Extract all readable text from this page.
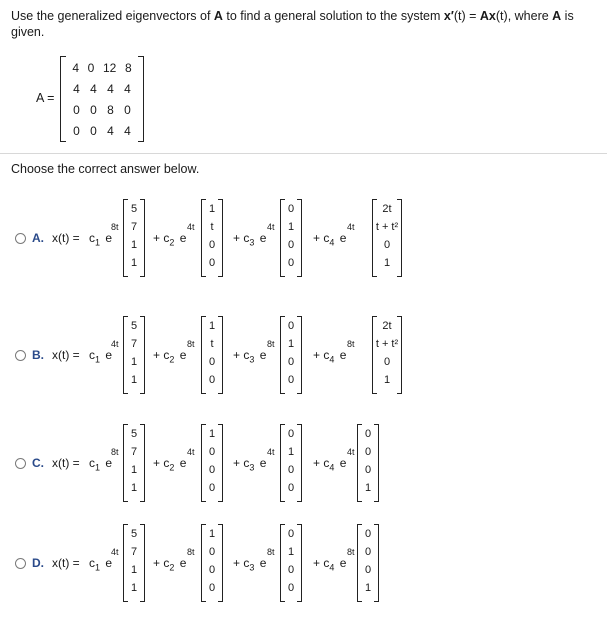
Use the generalized eigenvectors of A to find a general solution to the system x′(t) = Ax(t), where A is
given.
A =
4 0 12 8
4 4 4 4
0 0 8 0
0 0 4 4
Choose the correct answer below.
A. $x(t) = c_1$ e
8t
5
7
1
1
+ $c_2$ e
4t
1
t
0
0
+ $c_3$ e
4t
0
1
0
0
+ $c_4$ e
4t
2t
t + t²
0
1
B. $x(t) = c_1$ e
4t
5
7
1
1
+ $c_2$ e
8t
1
t
0
0
+ $c_3$ e
8t
0
1
0
0
+ $c_4$ e
8t
2t
t + t²
0
1
C. $x(t) = c_1$ e
8t
5
7
1
1
+ $c_2$ e
4t
1
0
0
0
+ $c_3$ e
4t
0
1
0
0
+ $c_4$ e
4t
0
0
0
1
D. $x(t) = c_1$ e
4t
5
7
1
1
+ $c_2$ e
8t
1
0
0
0
+ $c_3$ e
8t
0
1
0
0
+ $c_4$ e
8t
0
0
0
1
